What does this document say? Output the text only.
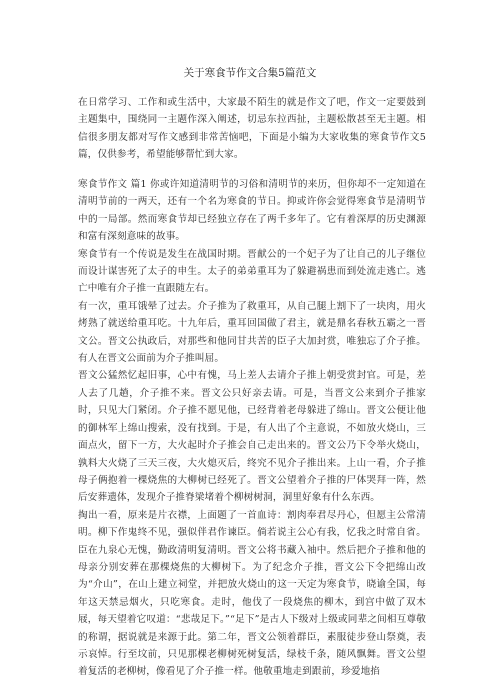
关于寒食节作文合集5篇范文

在日常学习、工作和或生活中，大家最不陌生的就是作文了吧，作文一定要鼓到主题集中，围绕同一主题作深入阐述，切忌东拉西扯，主题松散甚至无主题。相信很多朋友都对写作文感到非常苦恼吧，下面是小编为大家收集的寒食节作文5篇，仅供参考，希望能够帮忙到大家。

寒食节作文 篇1 你或许知道清明节的习俗和清明节的来历，但你却不一定知道在清明节前的一两天，还有一个名为寒食的节日。抑或许你会觉得寒食节是清明节中的一局部。然而寒食节却已经独立存在了两千多年了。它有着深厚的历史渊源和富有深刻意味的故事。

寒食节有一个传说是发生在战国时期。晋献公的一个妃子为了让自己的儿子继位而设计谋害死了太子的申生。太子的弟弟重耳为了躲避祸患而到处流走逃亡。逃亡中唯有介子推一直跟随左右。

有一次，重耳饿晕了过去。介子推为了救重耳，从自己腿上割下了一块肉，用火烤熟了就送给重耳吃。十九年后，重耳回国做了君主，就是鼎名春秋五霸之一晋文公。晋文公执政后，对那些和他同甘共苦的臣子大加封赏，唯独忘了介子推。有人在晋文公面前为介子推叫屈。

晋文公猛然忆起旧事，心中有愧，马上差人去请介子推上朝受赏封官。可是，差人去了几趟，介子推不来。晋文公只好亲去请。可是，当晋文公来到介子推家时，只见大门紧闭。介子推不愿见他，已经背着老母躲进了绵山。晋文公便让他的御林军上绵山搜索，没有找到。于是，有人出了个主意说，不如放火烧山，三面点火，留下一方，大火起时介子推会自己走出来的。晋文公乃下令举火烧山，孰料大火烧了三天三夜，大火熄灭后，终究不见介子推出来。上山一看，介子推母子俩抱着一棵烧焦的大柳树已经死了。晋文公望着介子推的尸体哭拜一阵，然后安葬遗体，发现介子推脊梁堵着个柳树树洞，洞里好象有什么东西。

掏出一看，原来是片衣襟，上面题了一首血诗：割肉奉君尽丹心，但愿主公常清明。柳下作鬼终不见，强似伴君作谏臣。倘若说主公心有我，忆我之时常自省。臣在九泉心无愧，勤政清明复清明。晋文公将书藏入袖中。然后把介子推和他的母亲分别安葬在那棵烧焦的大柳树下。为了纪念介子推，晋文公下令把绵山改为“介山”，在山上建立祠堂，并把放火烧山的这一天定为寒食节，晓谕全国，每年这天禁忌烟火，只吃寒食。走时，他伐了一段烧焦的柳木，到宫中做了双木屐，每天望着它叹道：“悲哉足下。”“足下”是古人下级对上级或同辈之间相互尊敬的称谓，据说就是来源于此。第二年，晋文公领着群臣，素服徒步登山祭奠，表示哀悼。行至坟前，只见那棵老柳树死树复活，绿枝千条，随风飘舞。晋文公望着复活的老柳树，像看见了介子推一样。他敬重地走到跟前，珍爱地掐
